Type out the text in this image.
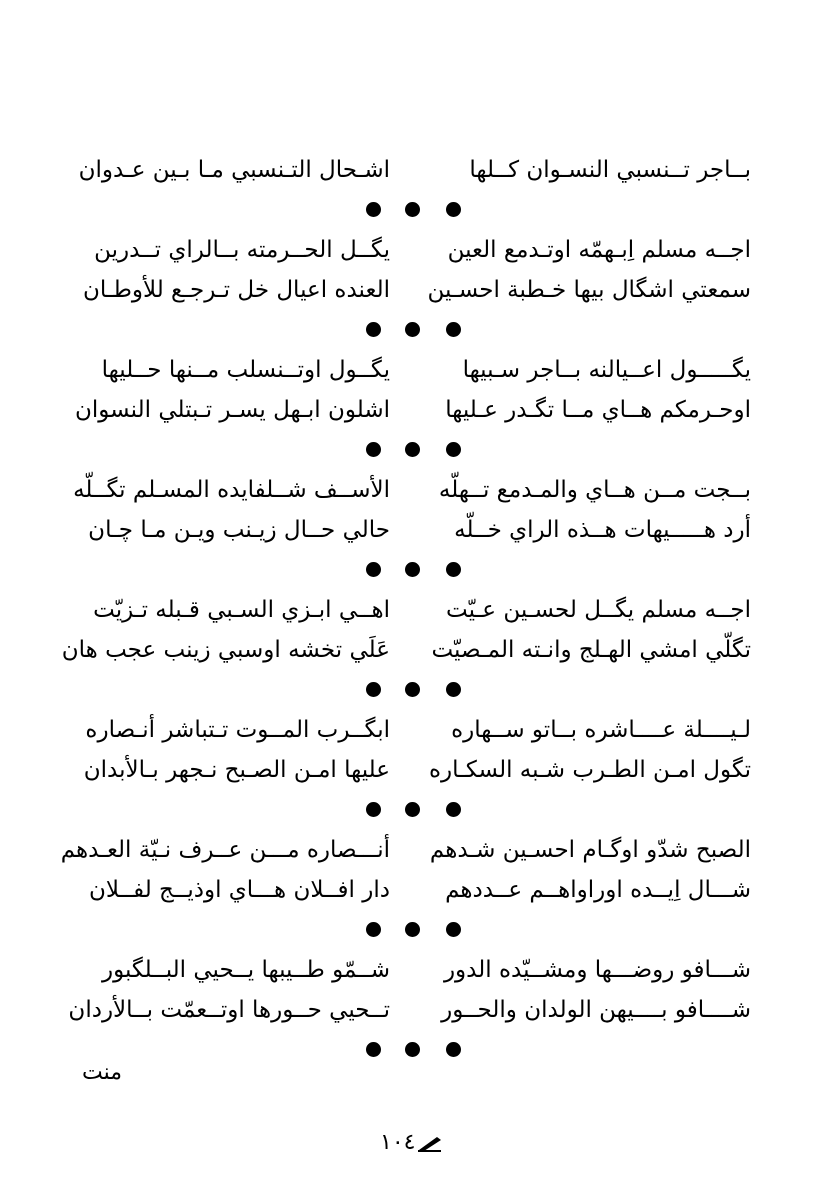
بــاجر تــنسبي النسـوان كــلها
اشـحال التـنسبي مـا بـين عـدوان
اجــه مسلم اِبـهمّه اوتـدمع العين
يگــل الحــرمته بــالراي تــدرين
سمعتي اشگال بيها خـطبة احسـين
العنده اعيال خل تـرجـع للأوطـان
يگـــــول اعــيالنه بــاجر سـبيها
يگــول اوتــنسلب مــنها حــليها
اوحـرمكم هــاي مــا تگـدر عـليها
اشلون ابـهل يسـر تـبتلي النسوان
بــجت مــن هــاي والمـدمع تــهلّه
الأســف شــلفايده المسـلم تگــلّه
أرد هـــــيهات هــذه الراي خــلّه
حالي حــال زيـنب ويـن مـا چـان
اجــه مسلم يگــل لحسـين عـيّت
اهــي ابـزي السـبي قـبله تـزيّت
تگلّي امشي الهـلج وانـته المـصيّت
عَلَي تخشه اوسبي زينب عجب هان
لـيــــلة عــــاشره بــاتو ســهاره
ابگــرب المــوت تـتباشر أنـصاره
تگول امـن الطـرب شـبه السكـاره
عليها امـن الصـبح نـجهر بـالأبدان
الصبح شدّو اوگـام احسـين شـدهم
أنـــصاره مـــن عــرف نـيّة العـدهم
شـــال اِيــده اوراواهــم عــددهم
دار افــلان هـــاي اوذيــج لفــلان
شـــافو روضـــها ومشــيّده الدور
شــمّو طــيبها يــحيي البــلگبور
شــــافو بــــيهن الولدان والحــور
تــحيي حــورها اوتــعمّت بــالأردان
منت
١٠٤
